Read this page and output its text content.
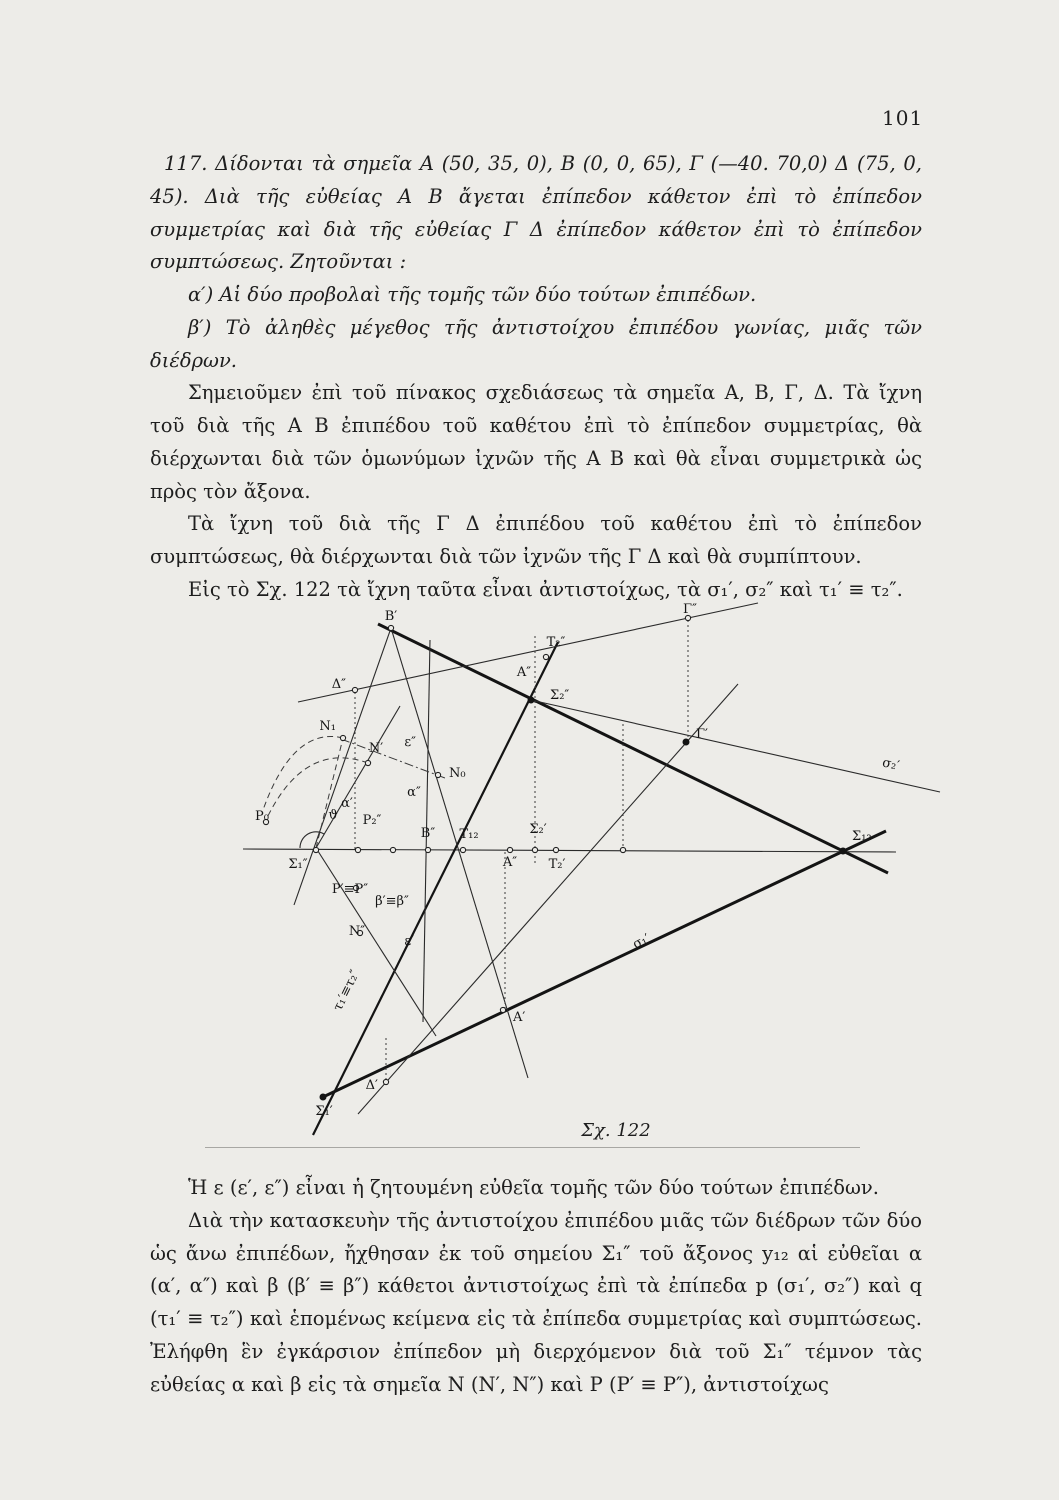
101

117. Δίδονται τὰ σημεῖα Α (50, 35, 0), Β (0, 0, 65), Γ (—40. 70,0) Δ (75, 0, 45). Διὰ τῆς εὐθείας Α Β ἄγεται ἐπίπεδον κάθετον ἐπὶ τὸ ἐπίπεδον συμμετρίας καὶ διὰ τῆς εὐθείας Γ Δ ἐπίπεδον κάθετον ἐπὶ τὸ ἐπίπεδον συμπτώσεως. Ζητοῦνται :

α′) Αἱ δύο προβολαὶ τῆς τομῆς τῶν δύο τούτων ἐπιπέδων.

β′) Τὸ ἀληθὲς μέγεθος τῆς ἀντιστοίχου ἐπιπέδου γωνίας, μιᾶς τῶν διέδρων.

Σημειοῦμεν ἐπὶ τοῦ πίνακος σχεδιάσεως τὰ σημεῖα Α, Β, Γ, Δ. Τὰ ἴχνη τοῦ διὰ τῆς Α Β ἐπιπέδου τοῦ καθέτου ἐπὶ τὸ ἐπίπεδον συμμετρίας, θὰ διέρχωνται διὰ τῶν ὁμωνύμων ἰχνῶν τῆς Α Β καὶ θὰ εἶναι συμμετρικὰ ὡς πρὸς τὸν ἄξονα.

Τὰ ἴχνη τοῦ διὰ τῆς Γ Δ ἐπιπέδου τοῦ καθέτου ἐπὶ τὸ ἐπίπεδον συμπτώσεως, θὰ διέρχωνται διὰ τῶν ἰχνῶν τῆς Γ Δ καὶ θὰ συμπίπτουν.

Εἰς τὸ Σχ. 122 τὰ ἴχνη ταῦτα εἶναι ἀντιστοίχως, τὰ σ₁′, σ₂″ καὶ τ₁′ ≡ τ₂″.

Β′	Γ″
Δ″
Τ₂″
Α″
Σ₂″
Γ′
σ₂′
Ν₁
Ν′
Ν₀
ε″
α″
α′
ϑ
Ρ₀	Ρ₂″
Β″ Τ₁₂	Σ₂′
Α″ Τ₂′
Σ₁₂
Σ₁″
Ρ′≡Ρ″
β′≡β″
Ν″
ε′	σ₁′
τ₁′≡τ₂″
Α′
Δ′
Σ₁′
Σχ. 122

Ἡ ε (ε′, ε″) εἶναι ἡ ζητουμένη εὐθεῖα τομῆς τῶν δύο τούτων ἐπιπέδων.

Διὰ τὴν κατασκευὴν τῆς ἀντιστοίχου ἐπιπέδου μιᾶς τῶν διέδρων τῶν δύο ὡς ἄνω ἐπιπέδων, ἤχθησαν ἐκ τοῦ σημείου Σ₁″ τοῦ ἄξονος y₁₂ αἱ εὐθεῖαι α (α′, α″) καὶ β (β′ ≡ β″) κάθετοι ἀντιστοίχως ἐπὶ τὰ ἐπίπεδα p (σ₁′, σ₂″) καὶ q (τ₁′ ≡ τ₂″) καὶ ἑπομένως κείμενα εἰς τὰ ἐπίπεδα συμμετρίας καὶ συμπτώσεως. Ἐλήφθη ἓν ἐγκάρσιον ἐπίπεδον μὴ διερχόμενον διὰ τοῦ Σ₁″ τέμνον τὰς εὐθείας α καὶ β εἰς τὰ σημεῖα Ν (Ν′, Ν″) καὶ Ρ (Ρ′ ≡ Ρ″), ἀντιστοίχως
